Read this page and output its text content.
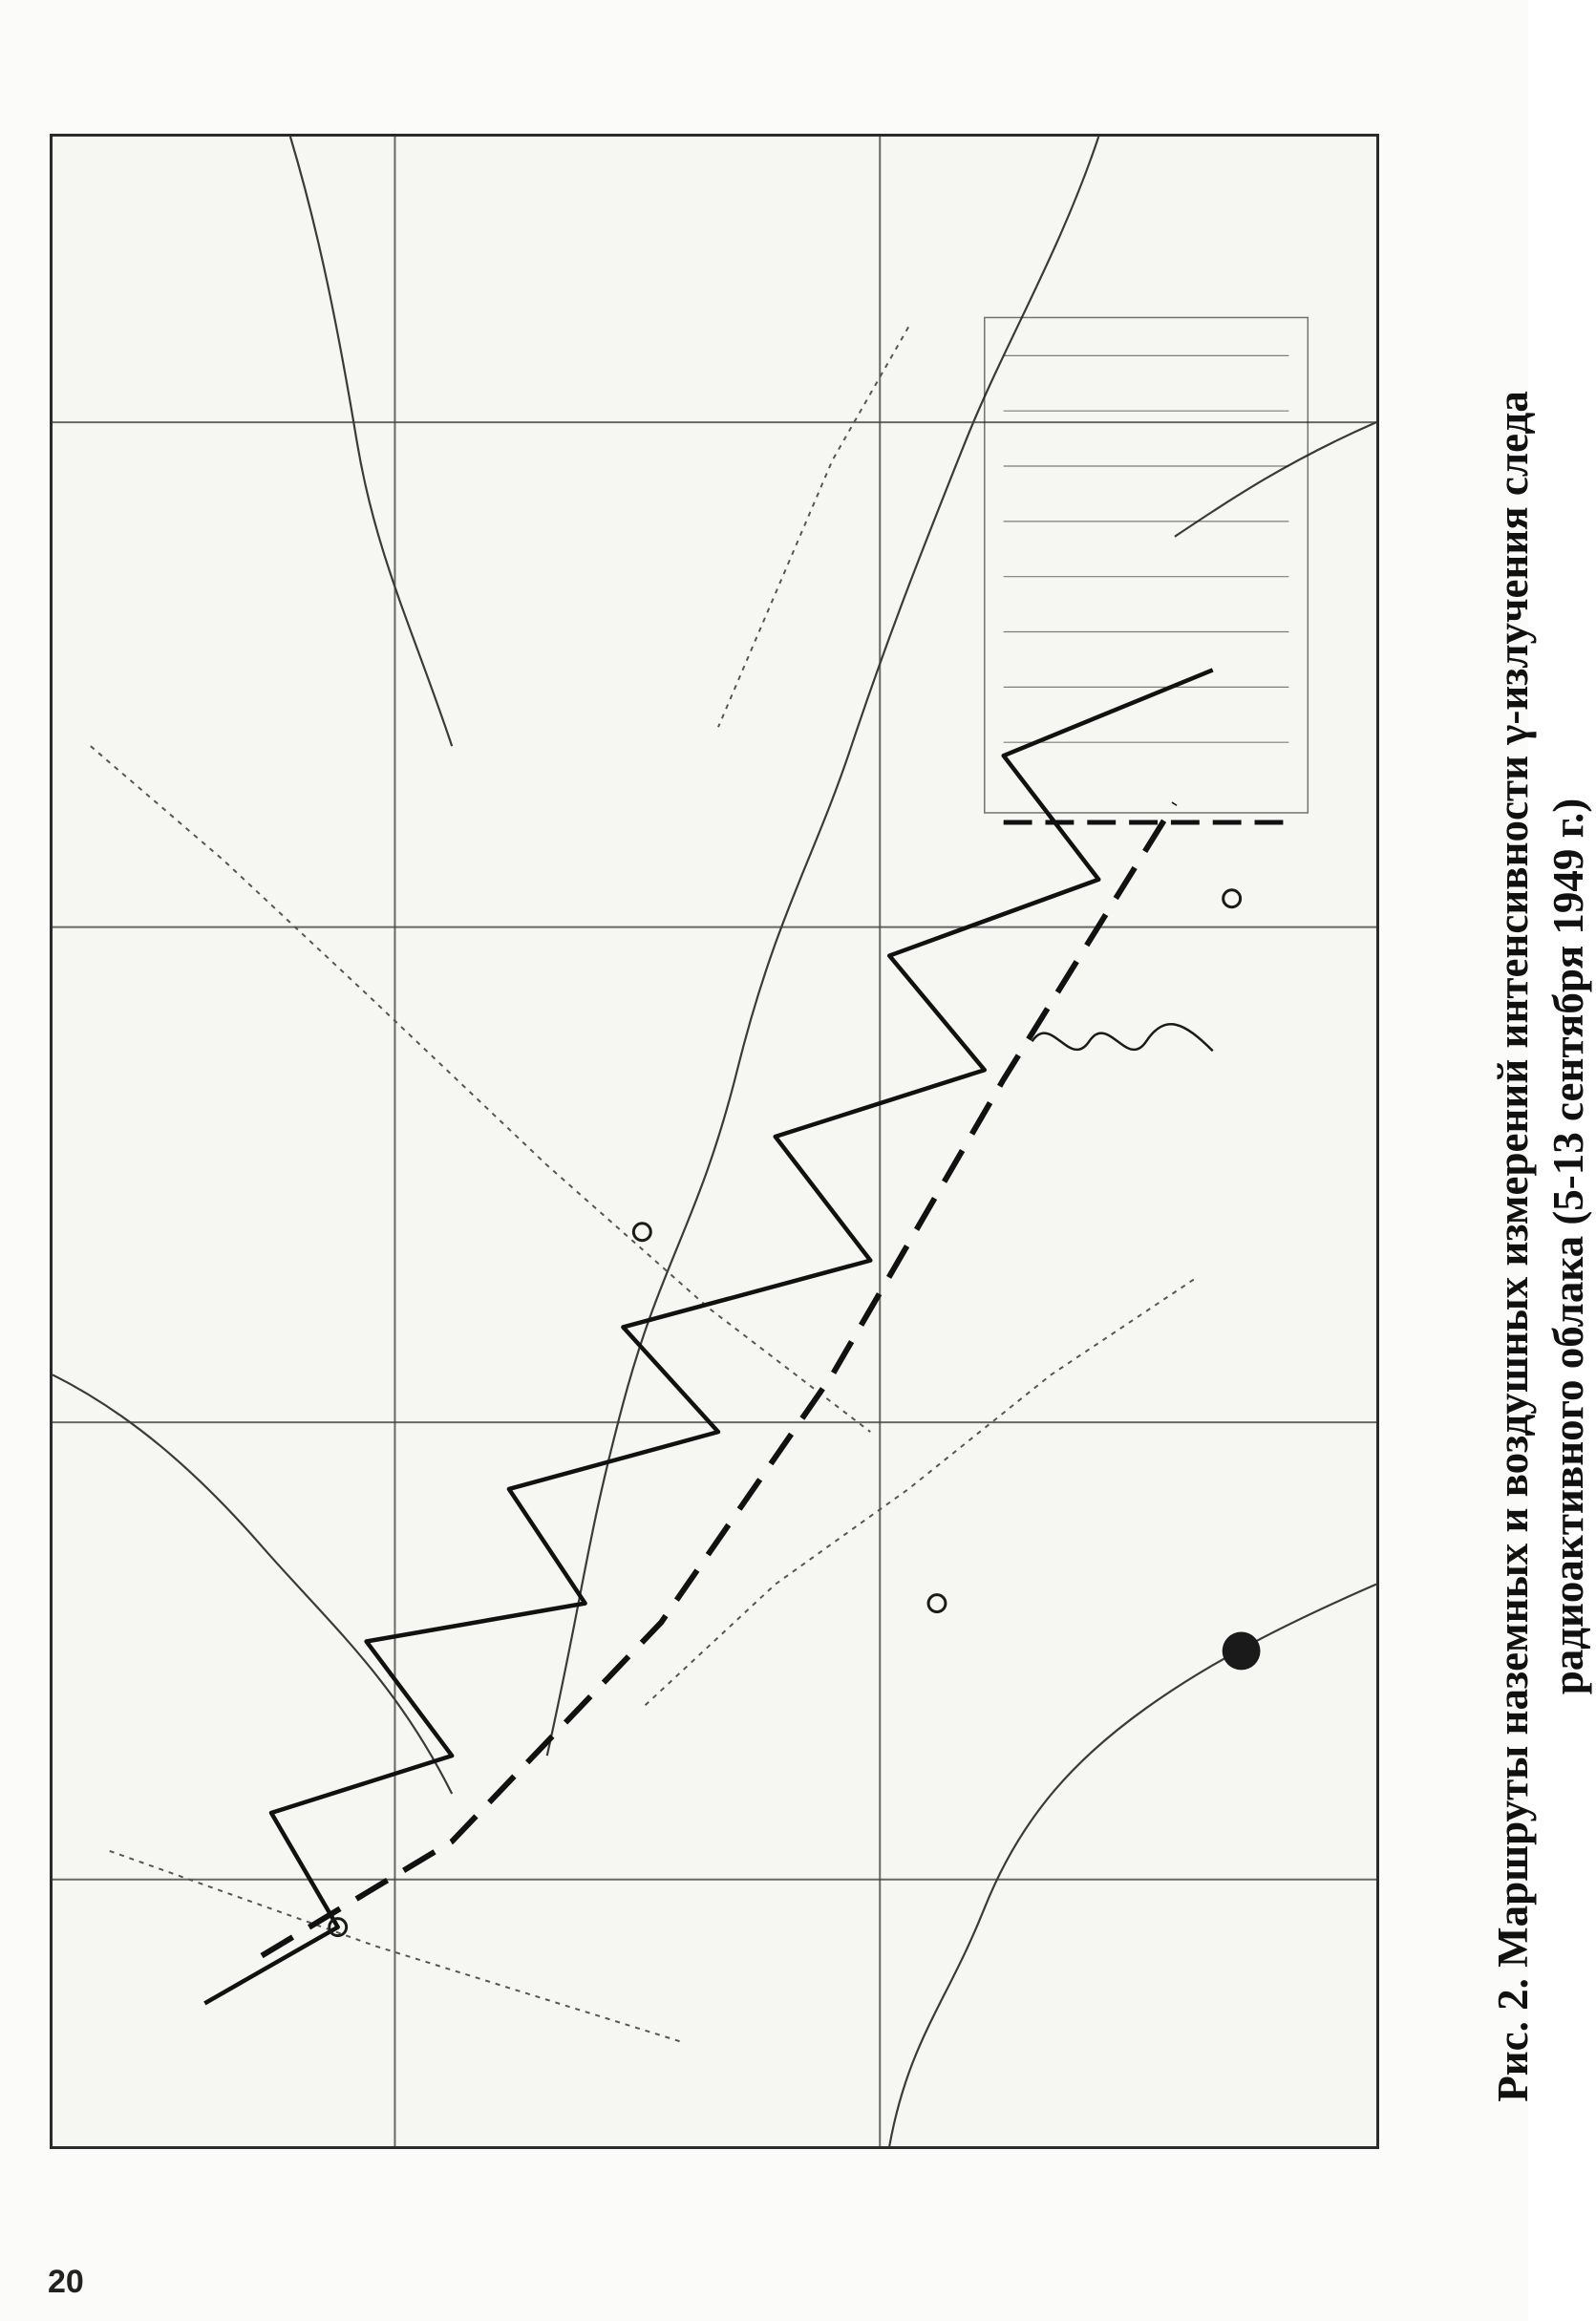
Рис. 2. Маршруты наземных и воздушных измерений интенсивности γ-излучения следа радиоактивного облака (5-13 сентября 1949 г.)
20
